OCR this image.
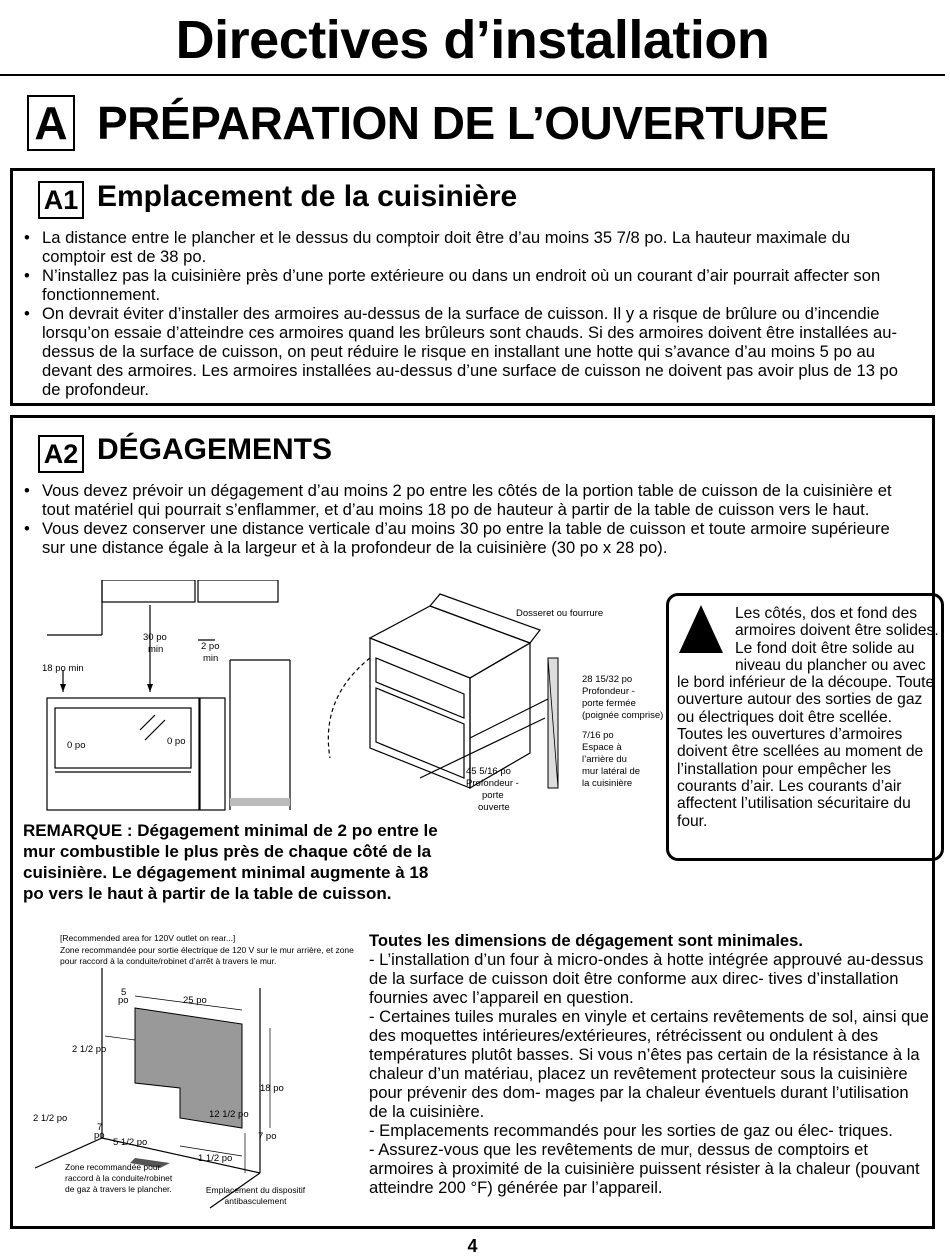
Directives d’installation
A PRÉPARATION DE L’OUVERTURE
A1 Emplacement de la cuisinière
• La distance entre le plancher et le dessus du comptoir doit être d’au moins 35 7/8 po. La hauteur maximale du comptoir est de 38 po.
• N’installez pas la cuisinière près d’une porte extérieure ou dans un endroit où un courant d’air pourrait affecter son fonctionnement.
• On devrait éviter d’installer des armoires au-dessus de la surface de cuisson. Il y a risque de brûlure ou d’incendie lorsqu’on essaie d’atteindre ces armoires quand les brûleurs sont chauds. Si des armoires doivent être installées au-dessus de la surface de cuisson, on peut réduire le risque en installant une hotte qui s’avance d’au moins 5 po au devant des armoires. Les armoires installées au-dessus d’une surface de cuisson ne doivent pas avoir plus de 13 po de profondeur.
A2 DÉGAGEMENTS
• Vous devez prévoir un dégagement d’au moins 2 po entre les côtés de la portion table de cuisson de la cuisinière et tout matériel qui pourrait s’enflammer, et d’au moins 18 po de hauteur à partir de la table de cuisson vers le haut.
• Vous devez conserver une distance verticale d’au moins 30 po entre la table de cuisson et toute armoire supérieure sur une distance égale à la largeur et à la profondeur de la cuisinière (30 po x 28 po).
30 po
min	2 po
min
18 po min
0 po	0 po
Dosseret ou fourrure
28 15/32 po
Profondeur -
porte fermée
(poignée comprise)
7/16 po
Espace à
l’arrière du
mur latéral de
la cuisinière
45 5/16 po
Profondeur -
porte
ouverte
Les côtés, dos et fond des armoires doivent être solides. Le fond doit être solide au niveau du plancher ou avec le bord inférieur de la découpe. Toute ouverture autour des sorties de gaz ou électriques doit être scellée. Toutes les ouvertures d’armoires doivent être scellées au moment de l’installation pour empêcher les courants d’air. Les courants d’air affectent l’utilisation sécuritaire du four.
REMARQUE : Dégagement minimal de 2 po entre le mur combustible le plus près de chaque côté de la cuisinière. Le dégagement minimal augmente à 18 po vers le haut à partir de la table de cuisson.
[Recommended area for 120V outlet on rear...]
Zone recommandée pour sortie électrique de 120 V sur le mur arrière, et zone pour raccord à la conduite/robinet d’arrêt à travers le mur.
5
po	25 po
2 1/2 po
18 po
12 1/2 po
2 1/2 po
7
po
5 1/2 po
7 po
1 1/2 po
Zone recommandée pour raccord à la conduite/robinet de gaz à travers le plancher.	Emplacement du dispositif antibasculement

Toutes les dimensions de dégagement sont minimales.

- L’installation d’un four à micro-ondes à hotte intégrée approuvé au-dessus de la surface de cuisson doit être conforme aux direc- tives d’installation fournies avec l’appareil en question.

- Certaines tuiles murales en vinyle et certains revêtements de sol, ainsi que des moquettes intérieures/extérieures, rétrécissent ou ondulent à des températures plutôt basses. Si vous n’êtes pas certain de la résistance à la chaleur d’un matériau, placez un revêtement protecteur sous la cuisinière pour prévenir des dom- mages par la chaleur éventuels durant l’utilisation de la cuisinière.

- Emplacements recommandés pour les sorties de gaz ou élec- triques.

- Assurez-vous que les revêtements de mur, dessus de comptoirs et armoires à proximité de la cuisinière puissent résister à la chaleur (pouvant atteindre 200 °F) générée par l’appareil.

4
